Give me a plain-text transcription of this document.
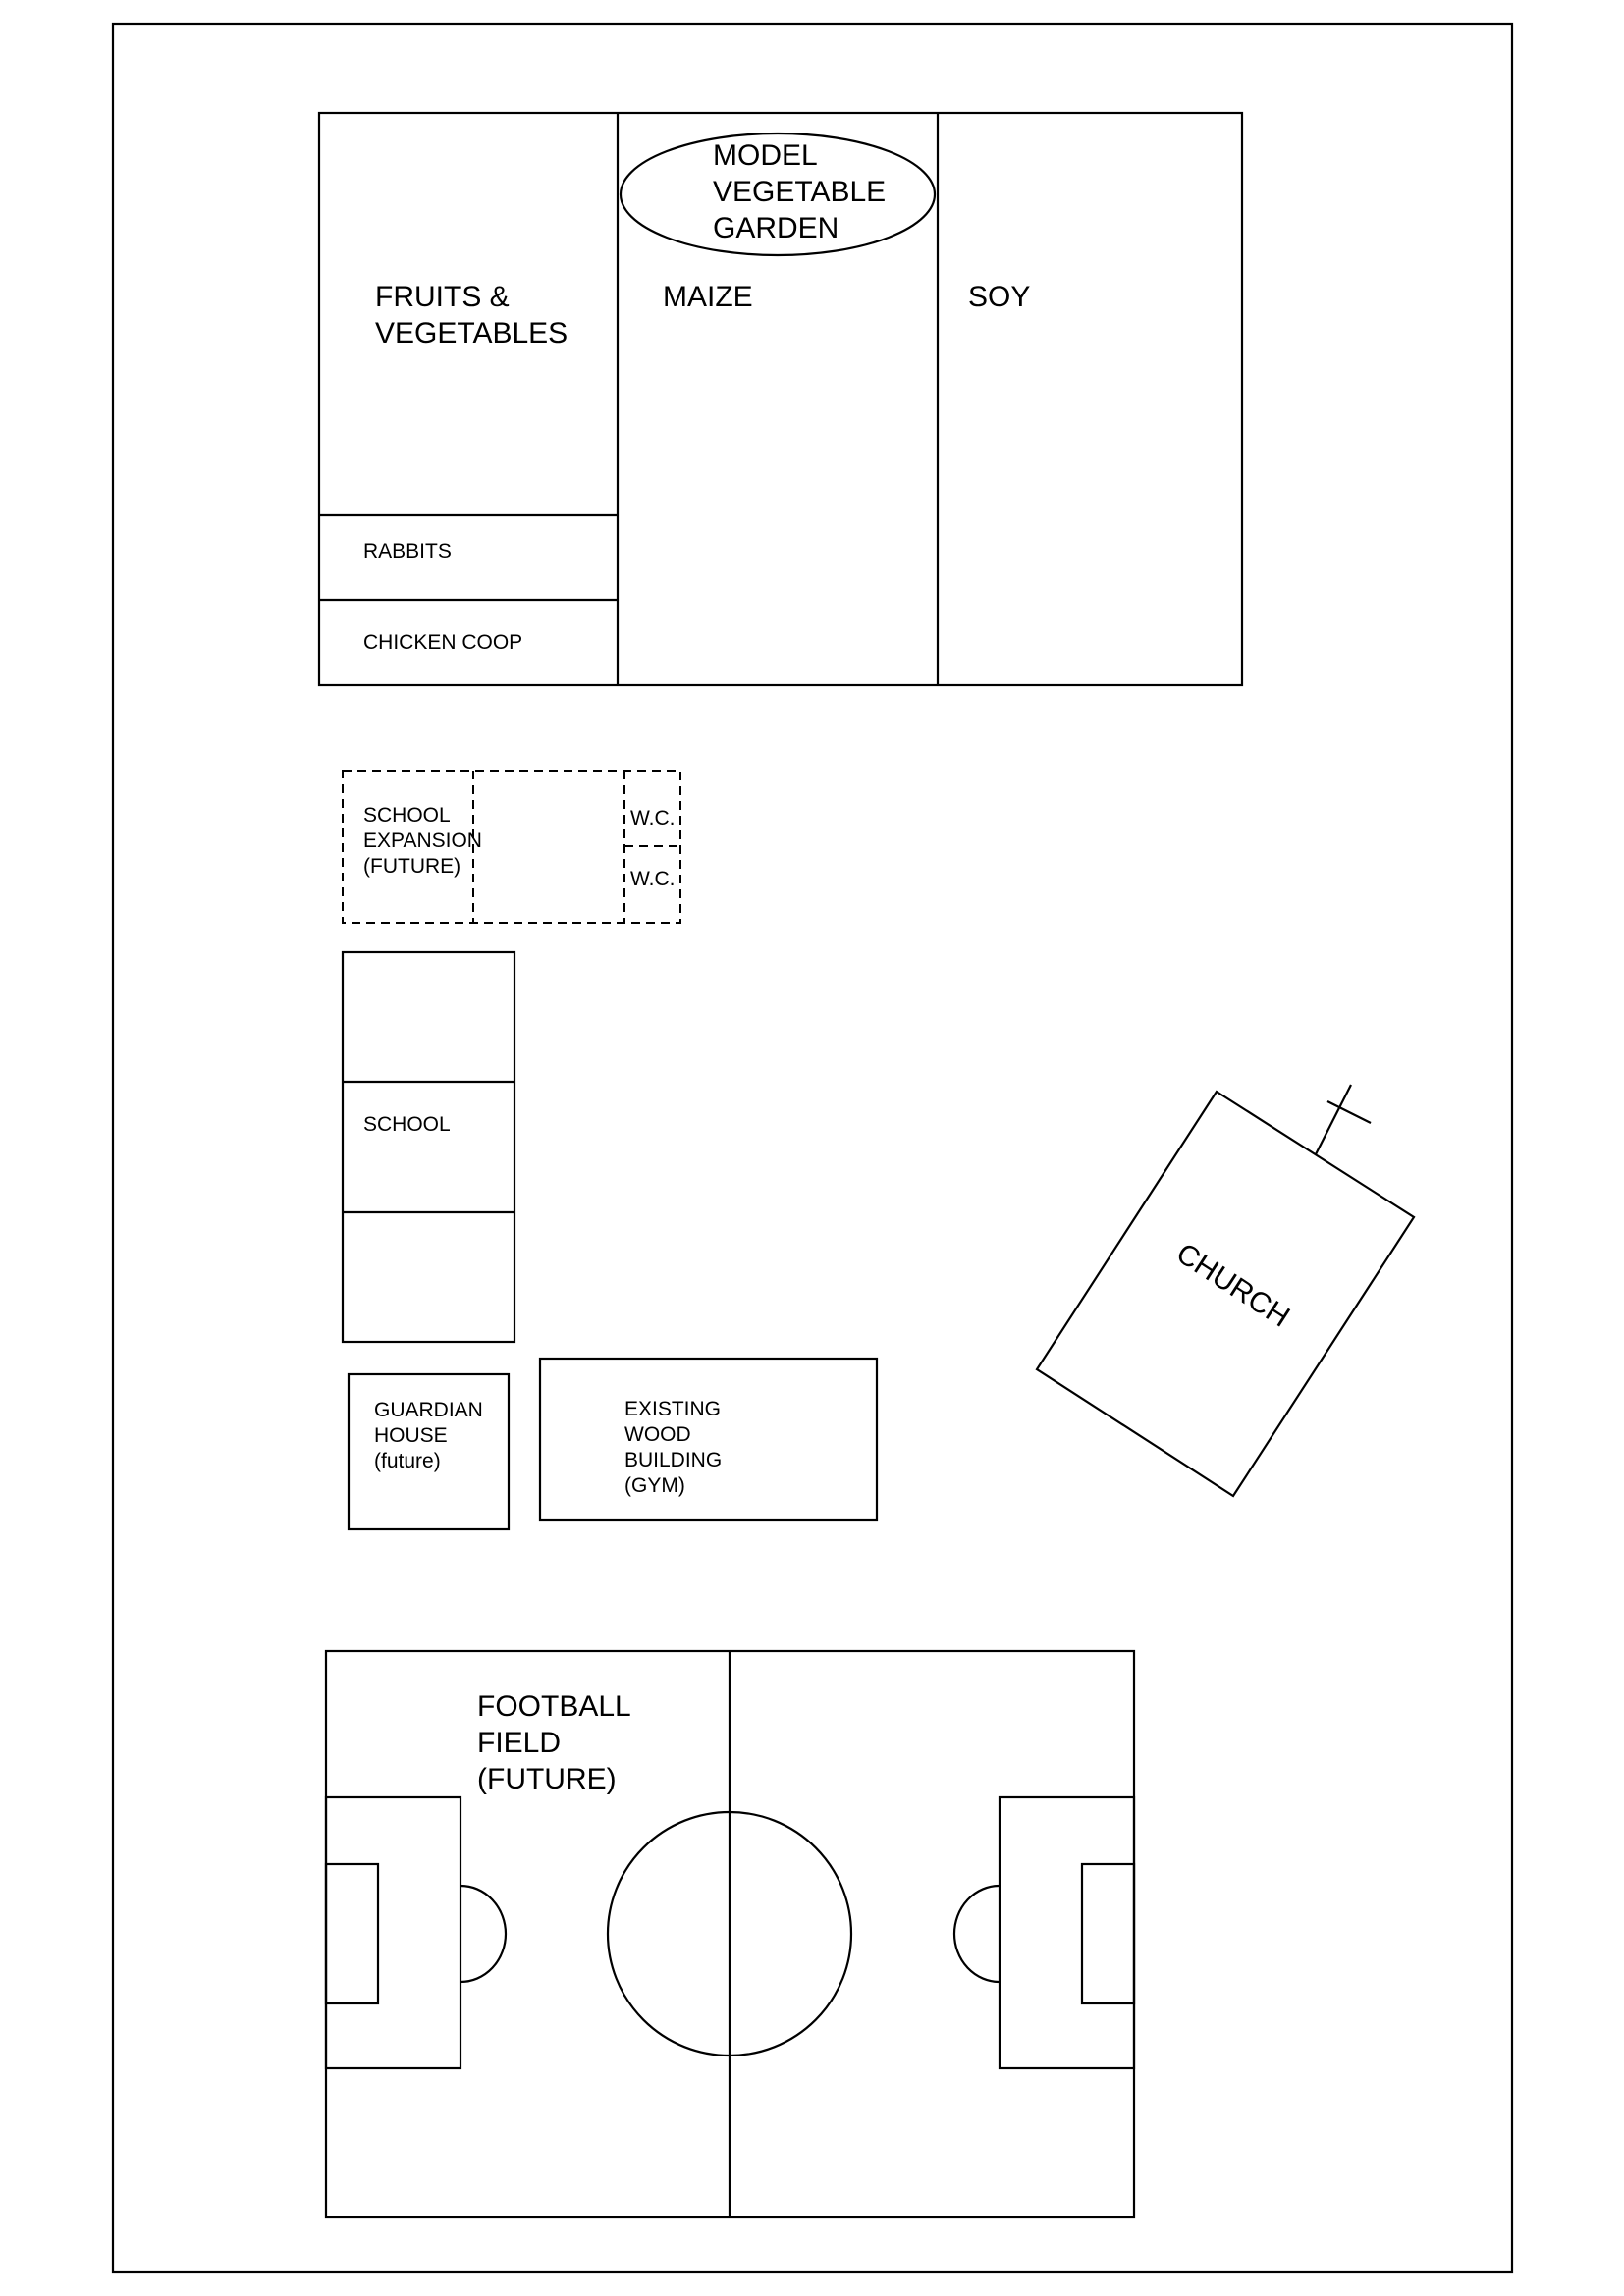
FRUITS & VEGETABLES
MODEL VEGETABLE GARDEN
MAIZE	SOY
RABBITS
CHICKEN COOP
SCHOOL EXPANSION (FUTURE)
W.C.
W.C.
SCHOOL
GUARDIAN HOUSE (future)
EXISTING WOOD BUILDING (GYM)
CHURCH
FOOTBALL FIELD (FUTURE)
